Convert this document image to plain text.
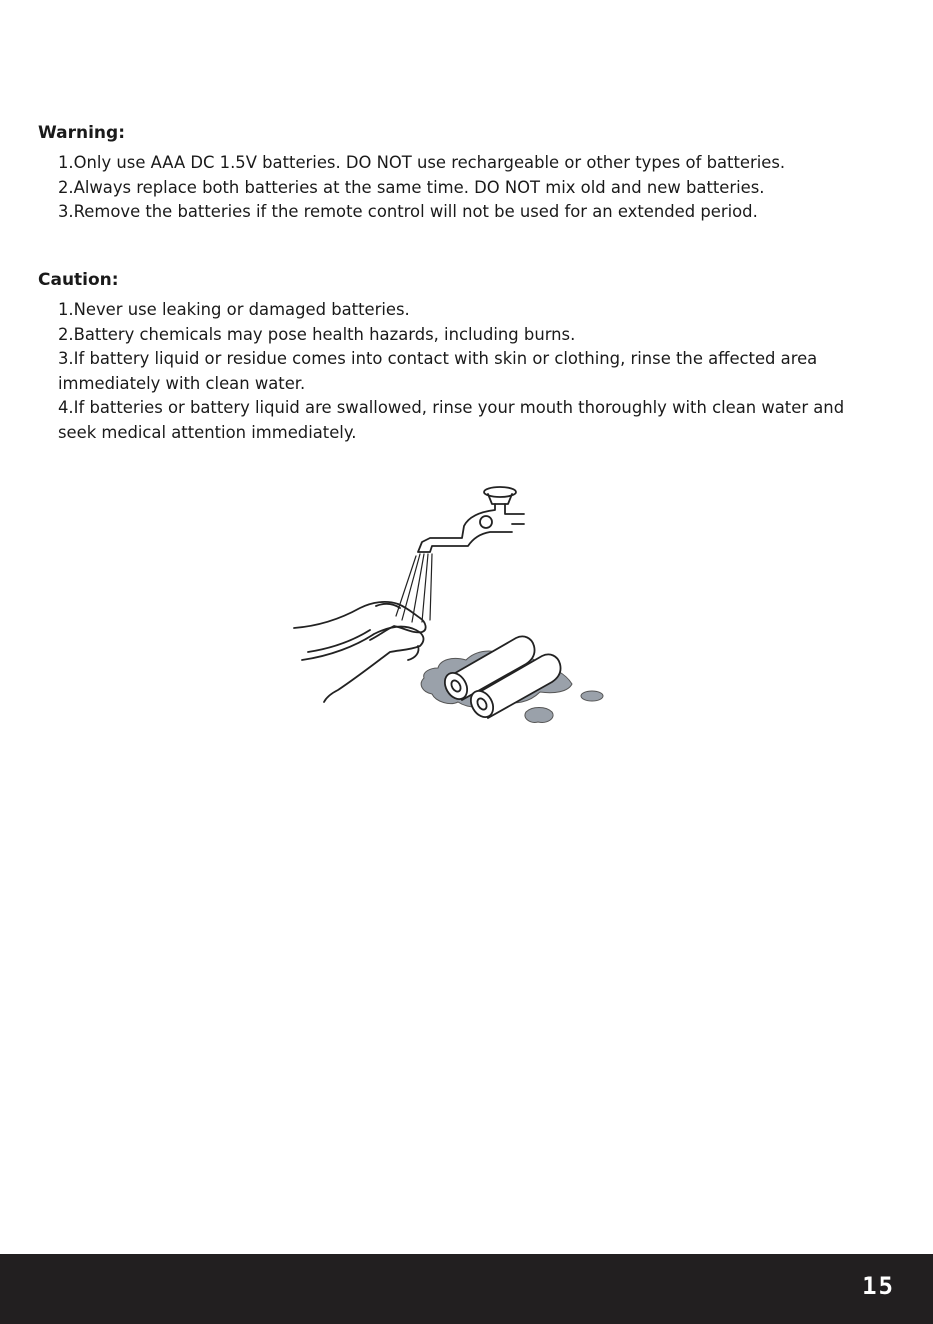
Warning:
1.Only use AAA DC 1.5V batteries. DO NOT use rechargeable or other types of batteries.
2.Always replace both batteries at the same time. DO NOT mix old and new batteries.
3.Remove the batteries if the remote control will not be used for an extended period.
Caution:
1.Never use leaking or damaged batteries.
2.Battery chemicals may pose health hazards, including burns.
3.If battery liquid or residue comes into contact with skin or clothing, rinse the affected area immediately with clean water.
4.If batteries or battery liquid are swallowed, rinse your mouth thoroughly with clean water and seek medical attention immediately.
15
